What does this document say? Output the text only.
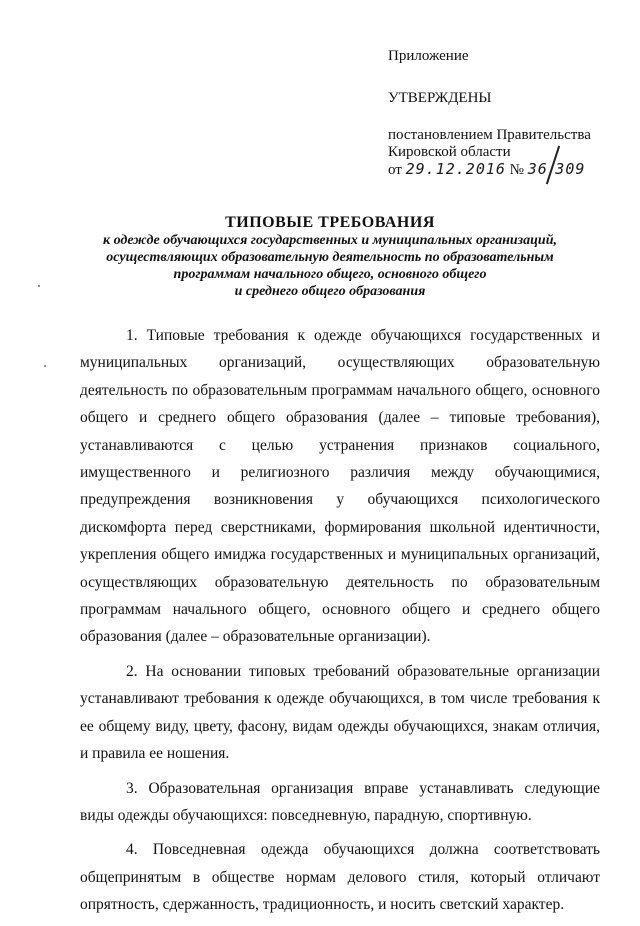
Приложение
УТВЕРЖДЕНЫ
постановлением Правительства
Кировской области
от 29.12.2016 № 36 309
ТИПОВЫЕ ТРЕБОВАНИЯ
к одежде обучающихся государственных и муниципальных организаций,
осуществляющих образовательную деятельность по образовательным
программам начального общего, основного общего
и среднего общего образования

1. Типовые требования к одежде обучающихся государственных и муниципальных организаций, осуществляющих образовательную деятельность по образовательным программам начального общего, основного общего и среднего общего образования (далее – типовые требования), устанавливаются с целью устранения признаков социального, имущественного и религиозного различия между обучающимися, предупреждения возникновения у обучающихся психологического дискомфорта перед сверстниками, формирования школьной идентичности, укрепления общего имиджа государственных и муниципальных организаций, осуществляющих образовательную деятельность по образовательным программам начального общего, основного общего и среднего общего образования (далее – образовательные организации).

2. На основании типовых требований образовательные организации устанавливают требования к одежде обучающихся, в том числе требования к ее общему виду, цвету, фасону, видам одежды обучающихся, знакам отличия, и правила ее ношения.

3. Образовательная организация вправе устанавливать следующие виды одежды обучающихся: повседневную, парадную, спортивную.

4. Повседневная одежда обучающихся должна соответствовать общепринятым в обществе нормам делового стиля, который отличают опрятность, сдержанность, традиционность, и носить светский характер.
